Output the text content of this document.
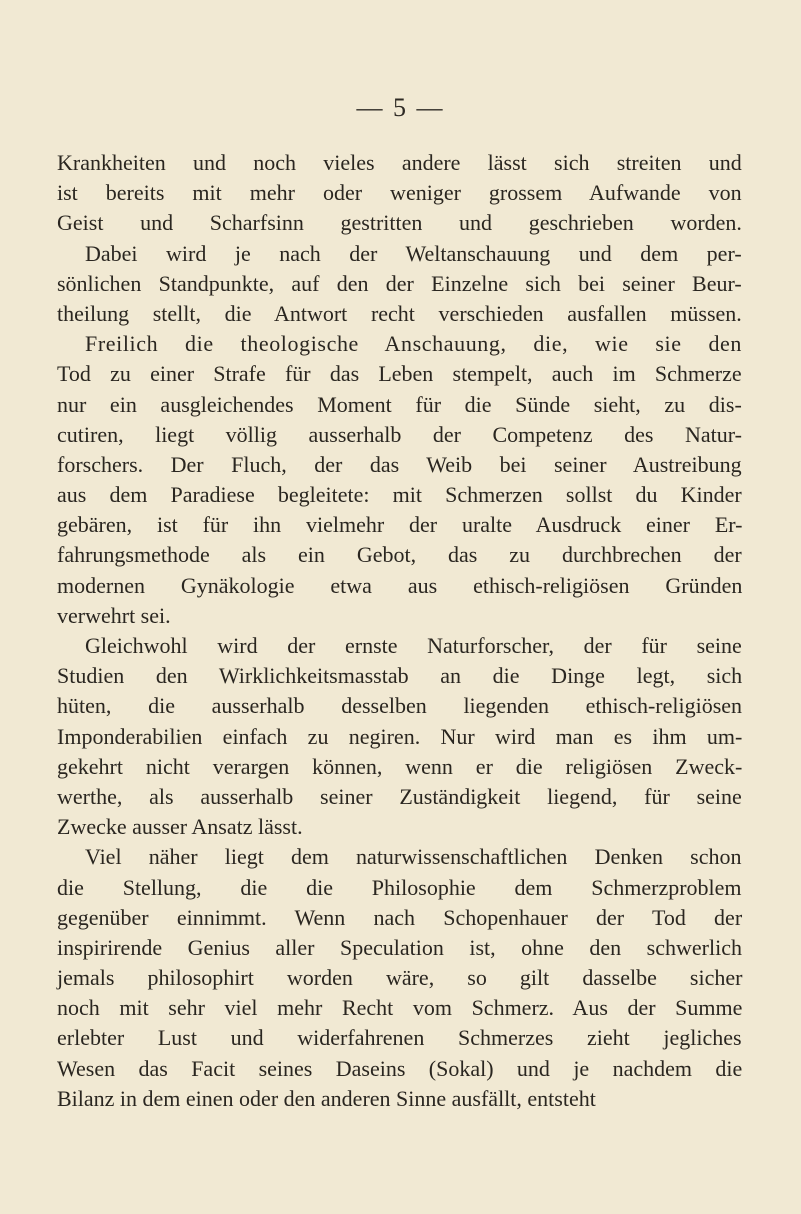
— 5 —
Krankheiten und noch vieles andere lässt sich streiten und
ist bereits mit mehr oder weniger grossem Aufwande von
Geist und Scharfsinn gestritten und geschrieben worden.
Dabei wird je nach der Weltanschauung und dem per-
sönlichen Standpunkte, auf den der Einzelne sich bei seiner Beur-
theilung stellt, die Antwort recht verschieden ausfallen müssen.
Freilich die theologische Anschauung, die, wie sie den
Tod zu einer Strafe für das Leben stempelt, auch im Schmerze
nur ein ausgleichendes Moment für die Sünde sieht, zu dis-
cutiren, liegt völlig ausserhalb der Competenz des Natur-
forschers. Der Fluch, der das Weib bei seiner Austreibung
aus dem Paradiese begleitete: mit Schmerzen sollst du Kinder
gebären, ist für ihn vielmehr der uralte Ausdruck einer Er-
fahrungsmethode als ein Gebot, das zu durchbrechen der
modernen Gynäkologie etwa aus ethisch-religiösen Gründen
verwehrt sei.
Gleichwohl wird der ernste Naturforscher, der für seine
Studien den Wirklichkeitsmasstab an die Dinge legt, sich
hüten, die ausserhalb desselben liegenden ethisch-religiösen
Imponderabilien einfach zu negiren. Nur wird man es ihm um-
gekehrt nicht verargen können, wenn er die religiösen Zweck-
werthe, als ausserhalb seiner Zuständigkeit liegend, für seine
Zwecke ausser Ansatz lässt.
Viel näher liegt dem naturwissenschaftlichen Denken schon
die Stellung, die die Philosophie dem Schmerzproblem
gegenüber einnimmt. Wenn nach Schopenhauer der Tod der
inspirirende Genius aller Speculation ist, ohne den schwerlich
jemals philosophirt worden wäre, so gilt dasselbe sicher
noch mit sehr viel mehr Recht vom Schmerz. Aus der Summe
erlebter Lust und widerfahrenen Schmerzes zieht jegliches
Wesen das Facit seines Daseins (Sokal) und je nachdem die
Bilanz in dem einen oder den anderen Sinne ausfällt, entsteht
